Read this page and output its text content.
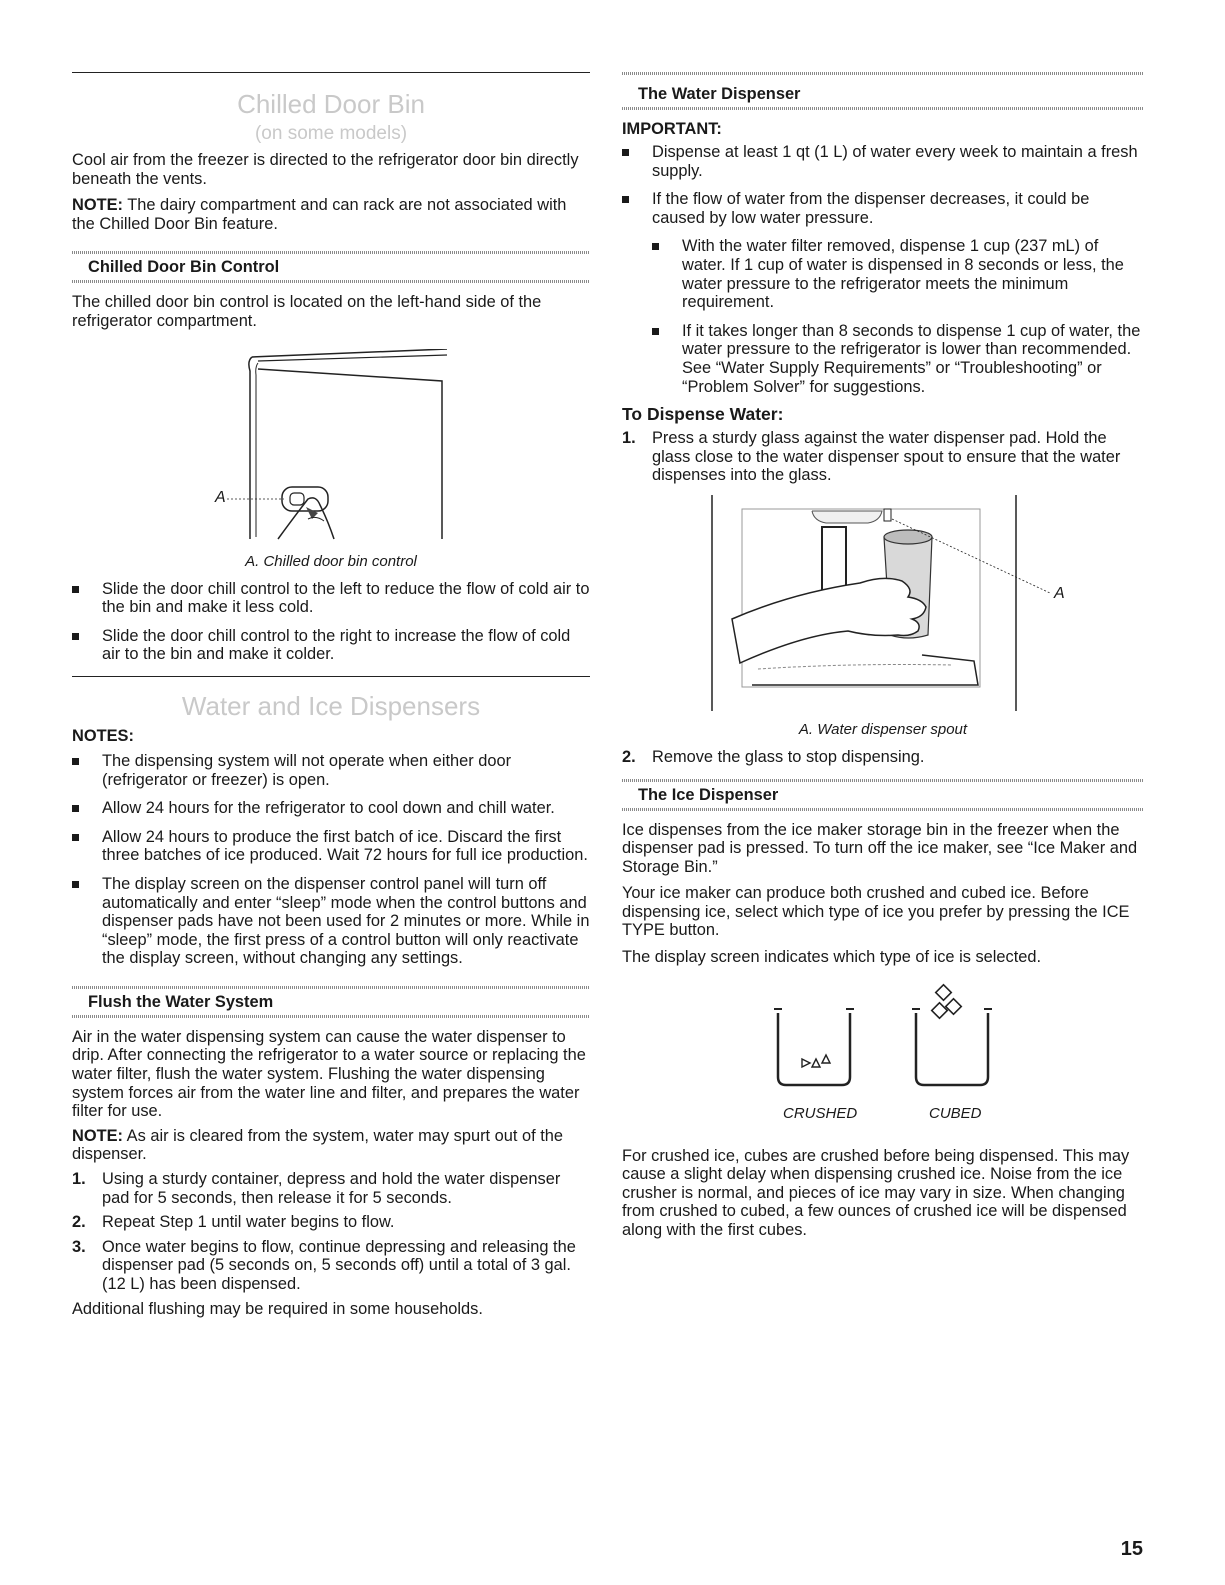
Chilled Door Bin
(on some models)

Cool air from the freezer is directed to the refrigerator door bin directly beneath the vents.

NOTE: The dairy compartment and can rack are not associated with the Chilled Door Bin feature.

Chilled Door Bin Control

The chilled door bin control is located on the left-hand side of the refrigerator compartment.

A
A. Chilled door bin control
Slide the door chill control to the left to reduce the flow of cold air to the bin and make it less cold.
Slide the door chill control to the right to increase the flow of cold air to the bin and make it colder.
Water and Ice Dispensers
NOTES:
The dispensing system will not operate when either door (refrigerator or freezer) is open.
Allow 24 hours for the refrigerator to cool down and chill water.
Allow 24 hours to produce the first batch of ice. Discard the first three batches of ice produced. Wait 72 hours for full ice production.
The display screen on the dispenser control panel will turn off automatically and enter “sleep” mode when the control buttons and dispenser pads have not been used for 2 minutes or more. While in “sleep” mode, the first press of a control button will only reactivate the display screen, without changing any settings.
Flush the Water System

Air in the water dispensing system can cause the water dispenser to drip. After connecting the refrigerator to a water source or replacing the water filter, flush the water system. Flushing the water dispensing system forces air from the water line and filter, and prepares the water filter for use.

NOTE: As air is cleared from the system, water may spurt out of the dispenser.

1. Using a sturdy container, depress and hold the water dispenser pad for 5 seconds, then release it for 5 seconds.
2. Repeat Step 1 until water begins to flow.
3. Once water begins to flow, continue depressing and releasing the dispenser pad (5 seconds on, 5 seconds off) until a total of 3 gal. (12 L) has been dispensed.

Additional flushing may be required in some households.

The Water Dispenser
IMPORTANT:
Dispense at least 1 qt (1 L) of water every week to maintain a fresh supply.
If the flow of water from the dispenser decreases, it could be caused by low water pressure.
With the water filter removed, dispense 1 cup (237 mL) of water. If 1 cup of water is dispensed in 8 seconds or less, the water pressure to the refrigerator meets the minimum requirement.
If it takes longer than 8 seconds to dispense 1 cup of water, the water pressure to the refrigerator is lower than recommended. See “Water Supply Requirements” or “Troubleshooting” or “Problem Solver” for suggestions.
To Dispense Water:
1. Press a sturdy glass against the water dispenser pad. Hold the glass close to the water dispenser spout to ensure that the water dispenses into the glass.
A
A. Water dispenser spout
2. Remove the glass to stop dispensing.
The Ice Dispenser

Ice dispenses from the ice maker storage bin in the freezer when the dispenser pad is pressed. To turn off the ice maker, see “Ice Maker and Storage Bin.”

Your ice maker can produce both crushed and cubed ice. Before dispensing ice, select which type of ice you prefer by pressing the ICE TYPE button.

The display screen indicates which type of ice is selected.

CRUSHED	CUBED

For crushed ice, cubes are crushed before being dispensed. This may cause a slight delay when dispensing crushed ice. Noise from the ice crusher is normal, and pieces of ice may vary in size. When changing from crushed to cubed, a few ounces of crushed ice will be dispensed along with the first cubes.

15
